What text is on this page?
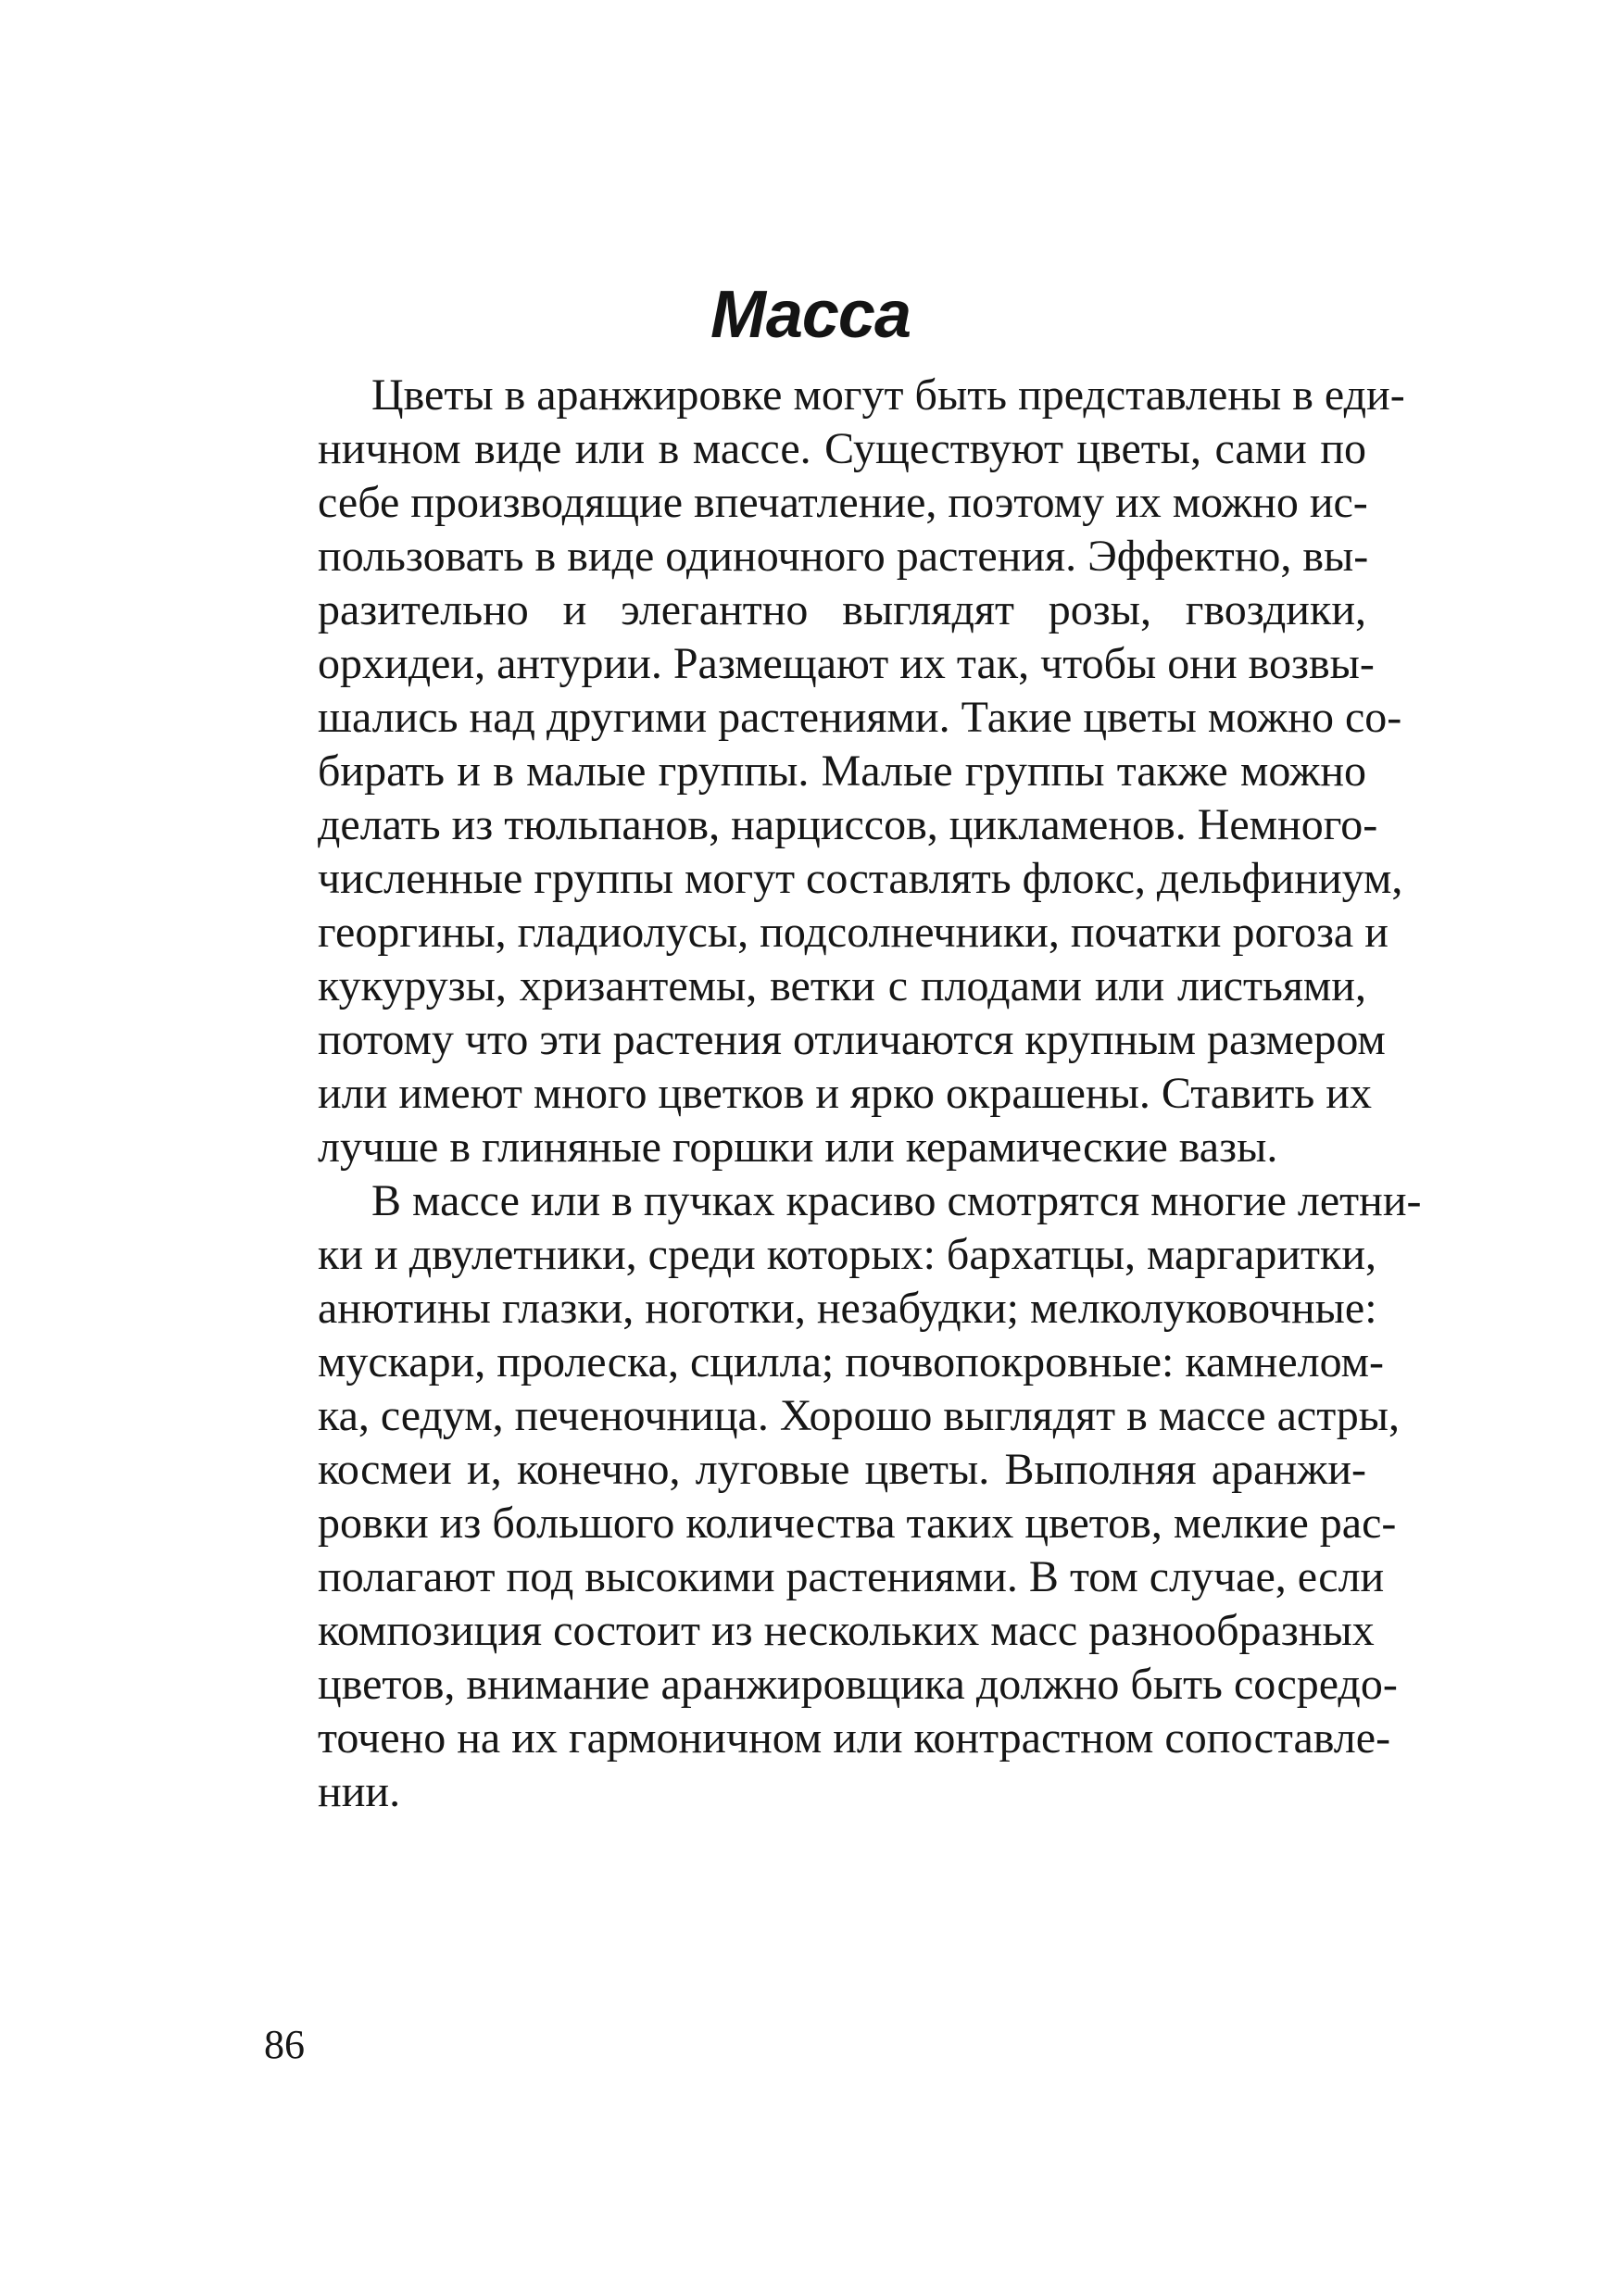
Масса

Цветы в аранжировке могут быть представлены в еди-
ничном виде или в массе. Существуют цветы, сами по
себе производящие впечатление, поэтому их можно ис-
пользовать в виде одиночного растения. Эффектно, вы-
разительно и элегантно выглядят розы, гвоздики,
орхидеи, антурии. Размещают их так, чтобы они возвы-
шались над другими растениями. Такие цветы можно со-
бирать и в малые группы. Малые группы также можно
делать из тюльпанов, нарциссов, цикламенов. Немного-
численные группы могут составлять флокс, дельфиниум,
георгины, гладиолусы, подсолнечники, початки рогоза и
кукурузы, хризантемы, ветки с плодами или листьями,
потому что эти растения отличаются крупным размером
или имеют много цветков и ярко окрашены. Ставить их
лучше в глиняные горшки или керамические вазы.

В массе или в пучках красиво смотрятся многие летни-
ки и двулетники, среди которых: бархатцы, маргаритки,
анютины глазки, ноготки, незабудки; мелколуковочные:
мускари, пролеска, сцилла; почвопокровные: камнелом-
ка, седум, печеночница. Хорошо выглядят в массе астры,
космеи и, конечно, луговые цветы. Выполняя аранжи-
ровки из большого количества таких цветов, мелкие рас-
полагают под высокими растениями. В том случае, если
композиция состоит из нескольких масс разнообразных
цветов, внимание аранжировщика должно быть сосредо-
точено на их гармоничном или контрастном сопоставле-
нии.

86
